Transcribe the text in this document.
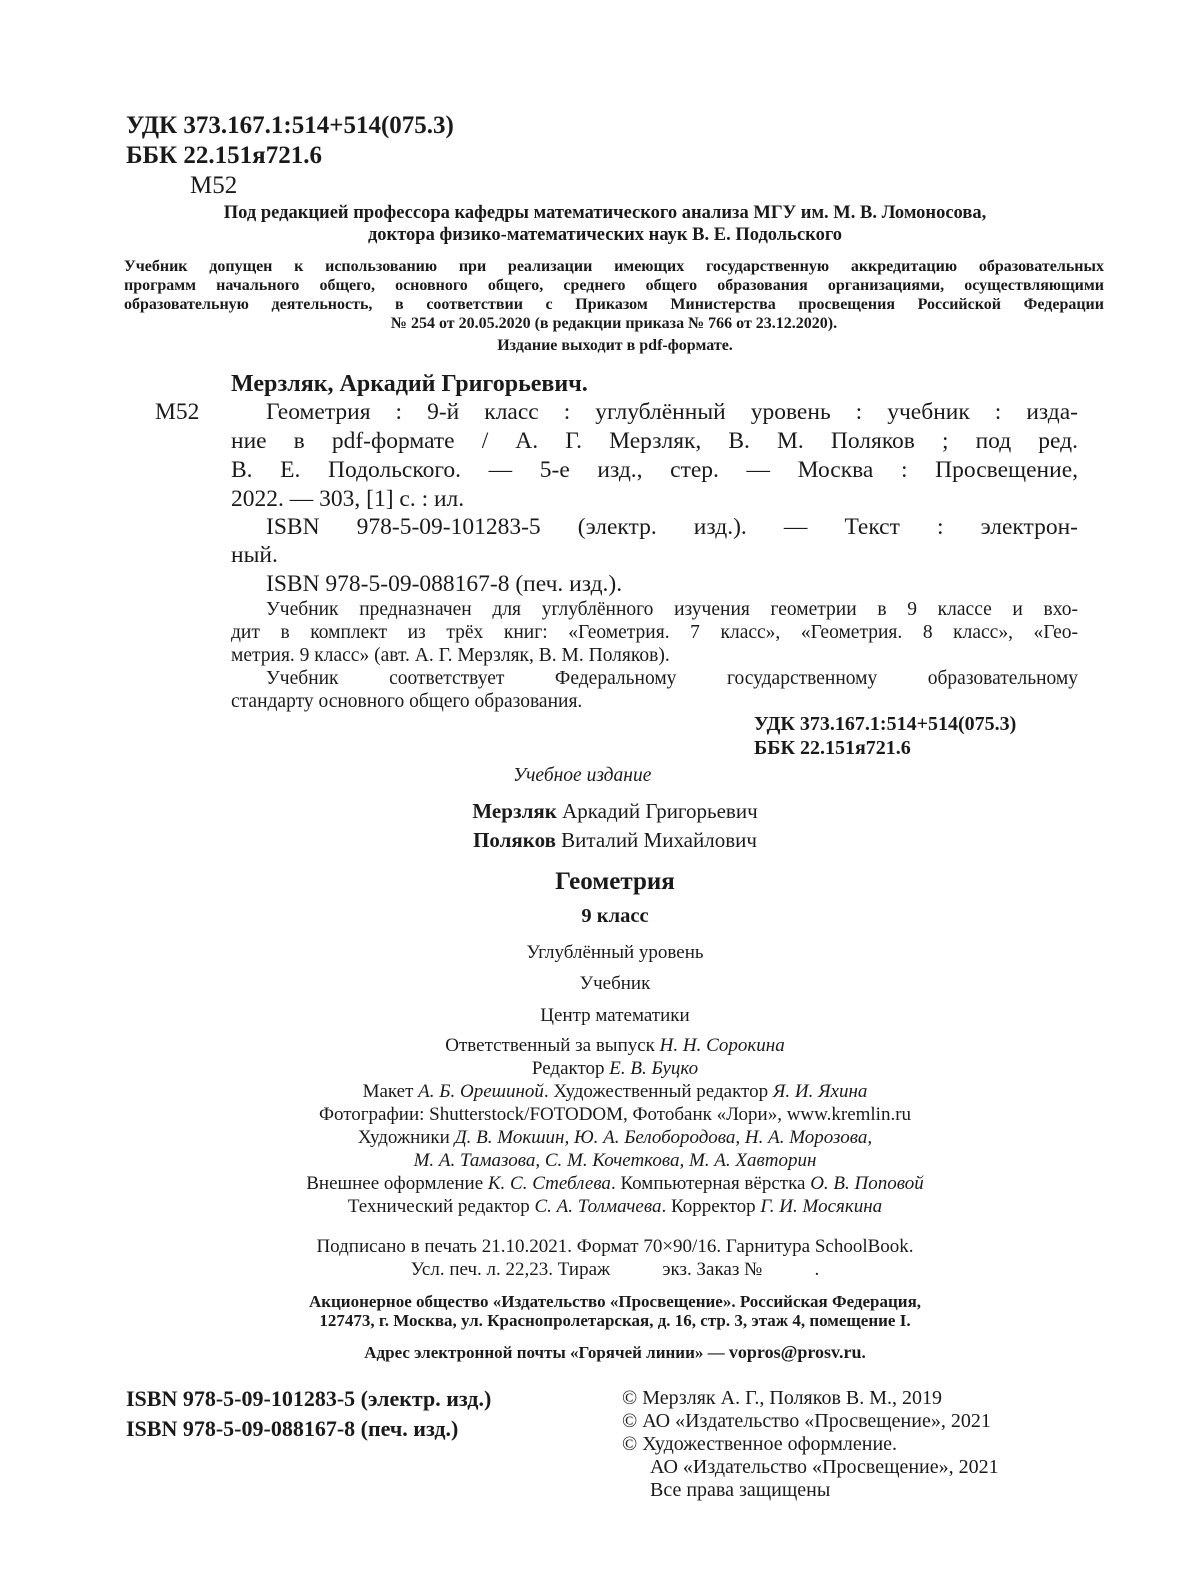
УДК 373.167.1:514+514(075.3)
ББК 22.151я721.6
М52
Под редакцией профессора кафедры математического анализа МГУ им. М. В. Ломоносова,
доктора физико-математических наук В. Е. Подольского
Учебник допущен к использованию при реализации имеющих государственную аккредитацию образовательных
программ начального общего, основного общего, среднего общего образования организациями, осуществляющими
образовательную деятельность, в соответствии с Приказом Министерства просвещения Российской Федерации
№ 254 от 20.05.2020 (в редакции приказа № 766 от 23.12.2020).
Издание выходит в pdf-формате.
Мерзляк, Аркадий Григорьевич.
М52	Геометрия : 9-й класс : углублённый уровень : учебник : изда-
ние в pdf-формате / А. Г. Мерзляк, В. М. Поляков ; под ред.
В. Е. Подольского. — 5-е изд., стер. — Москва : Просвещение,
2022. — 303, [1] с. : ил.
ISBN 978-5-09-101283-5 (электр. изд.). — Текст : электрон-
ный.
ISBN 978-5-09-088167-8 (печ. изд.).
Учебник предназначен для углублённого изучения геометрии в 9 классе и вхо-
дит в комплект из трёх книг: «Геометрия. 7 класс», «Геометрия. 8 класс», «Гео-
метрия. 9 класс» (авт. А. Г. Мерзляк, В. М. Поляков).
Учебник соответствует Федеральному государственному образовательному
стандарту основного общего образования.
УДК 373.167.1:514+514(075.3)
ББК 22.151я721.6
Учебное издание
Мерзляк Аркадий Григорьевич
Поляков Виталий Михайлович
Геометрия
9 класс
Углублённый уровень
Учебник
Центр математики
Ответственный за выпуск Н. Н. Сорокина
Редактор Е. В. Буцко
Макет А. Б. Орешиной. Художественный редактор Я. И. Яхина
Фотографии: Shutterstock/FOTODOM, Фотобанк «Лори», www.kremlin.ru
Художники Д. В. Мокшин, Ю. А. Белобородова, Н. А. Морозова,
М. А. Тамазова, С. М. Кочеткова, М. А. Хавторин
Внешнее оформление К. С. Стеблева. Компьютерная вёрстка О. В. Поповой
Технический редактор С. А. Толмачева. Корректор Г. И. Мосякина
Подписано в печать 21.10.2021. Формат 70×90/16. Гарнитура SchoolBook.
Усл. печ. л. 22,23. Тираж           экз. Заказ №           .
Акционерное общество «Издательство «Просвещение». Российская Федерация,
127473, г. Москва, ул. Краснопролетарская, д. 16, стр. 3, этаж 4, помещение I.
Адрес электронной почты «Горячей линии» — vopros@prosv.ru.
ISBN 978-5-09-101283-5 (электр. изд.)
ISBN 978-5-09-088167-8 (печ. изд.)
© Мерзляк А. Г., Поляков В. М., 2019
© АО «Издательство «Просвещение», 2021
© Художественное оформление.
АО «Издательство «Просвещение», 2021
Все права защищены
